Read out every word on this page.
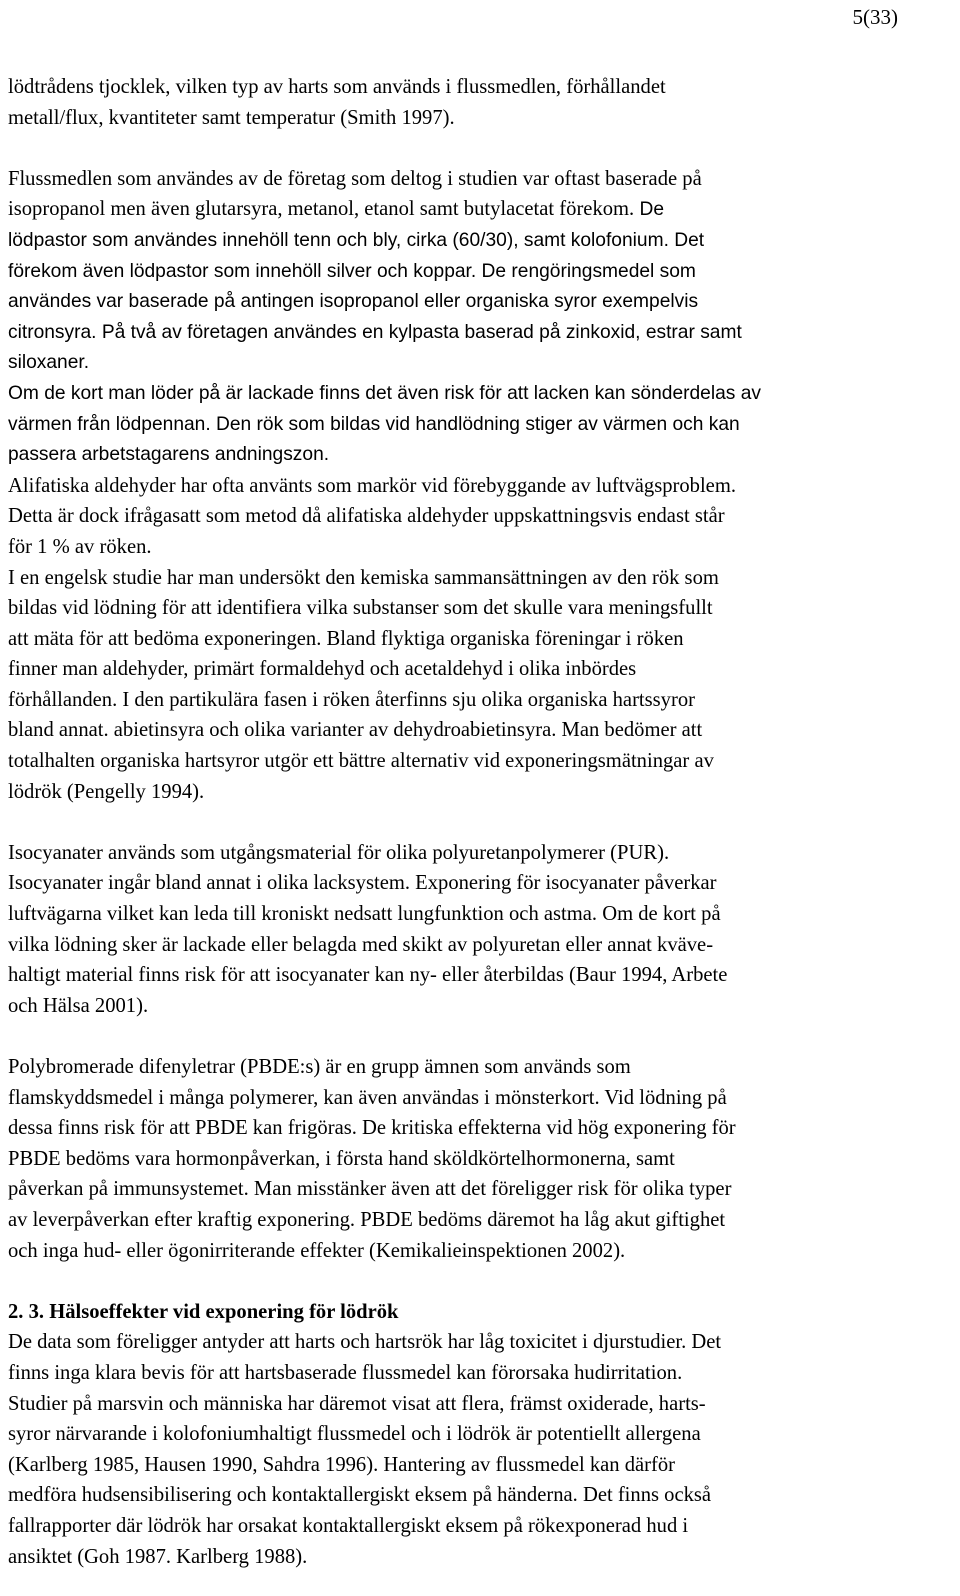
5(33)

lödtrådens tjocklek, vilken typ av harts som används i flussmedlen, förhållandet

metall/flux, kvantiteter samt temperatur (Smith 1997).

Flussmedlen som användes av de företag som deltog i studien var oftast baserade på

isopropanol men även glutarsyra, metanol, etanol samt butylacetat förekom. De

lödpastor som användes innehöll tenn och bly, cirka (60/30), samt kolofonium. Det

förekom även lödpastor som innehöll silver och koppar. De rengöringsmedel som

användes var baserade på antingen isopropanol eller organiska syror exempelvis

citronsyra. På två av företagen användes en kylpasta baserad på zinkoxid, estrar samt

siloxaner.

Om de kort man löder på är lackade finns det även risk för att lacken kan sönderdelas av

värmen från lödpennan. Den rök som bildas vid handlödning stiger av värmen och kan

passera arbetstagarens andningszon.

Alifatiska aldehyder har ofta använts som markör vid förebyggande av luftvägsproblem.

Detta är dock ifrågasatt som metod då alifatiska aldehyder uppskattningsvis endast står

för 1 % av röken.

I en engelsk studie har man undersökt den kemiska sammansättningen av den rök som

bildas vid lödning för att identifiera vilka substanser som det skulle vara meningsfullt

att mäta för att bedöma exponeringen. Bland flyktiga organiska föreningar i röken

finner man aldehyder, primärt formaldehyd och acetaldehyd i olika inbördes

förhållanden. I den partikulära fasen i röken återfinns sju olika organiska hartssyror

bland annat. abietinsyra och olika varianter av dehydroabietinsyra. Man bedömer att

totalhalten organiska hartsyror utgör ett bättre alternativ vid exponeringsmätningar av

lödrök (Pengelly 1994).

Isocyanater används som utgångsmaterial för olika polyuretanpolymerer (PUR).

Isocyanater ingår bland annat i olika lacksystem. Exponering för isocyanater påverkar

luftvägarna vilket kan leda till kroniskt nedsatt lungfunktion och astma. Om de kort på

vilka lödning sker är lackade eller belagda med skikt av polyuretan eller annat kväve-

haltigt material finns risk för att isocyanater kan ny- eller återbildas (Baur 1994, Arbete

och Hälsa 2001).

Polybromerade difenyletrar (PBDE:s) är en grupp ämnen som används som

flamskyddsmedel i många polymerer, kan även användas i mönsterkort. Vid lödning på

dessa finns risk för att PBDE kan frigöras. De kritiska effekterna vid hög exponering för

PBDE bedöms vara hormonpåverkan, i första hand sköldkörtelhormonerna, samt

påverkan på immunsystemet. Man misstänker även att det föreligger risk för olika typer

av leverpåverkan efter kraftig exponering. PBDE bedöms däremot ha låg akut giftighet

och inga hud- eller ögonirriterande effekter (Kemikalieinspektionen 2002).

2. 3. Hälsoeffekter vid exponering för lödrök

De data som föreligger antyder att harts och hartsrök har låg toxicitet i djurstudier. Det

finns inga klara bevis för att hartsbaserade flussmedel kan förorsaka hudirritation.

Studier på marsvin och människa har däremot visat att flera, främst oxiderade, harts-

syror närvarande i kolofoniumhaltigt flussmedel och i lödrök är potentiellt allergena

(Karlberg 1985, Hausen 1990, Sahdra 1996). Hantering av flussmedel kan därför

medföra hudsensibilisering och kontaktallergiskt eksem på händerna. Det finns också

fallrapporter där lödrök har orsakat kontaktallergiskt eksem på rökexponerad hud i

ansiktet (Goh 1987. Karlberg 1988).
